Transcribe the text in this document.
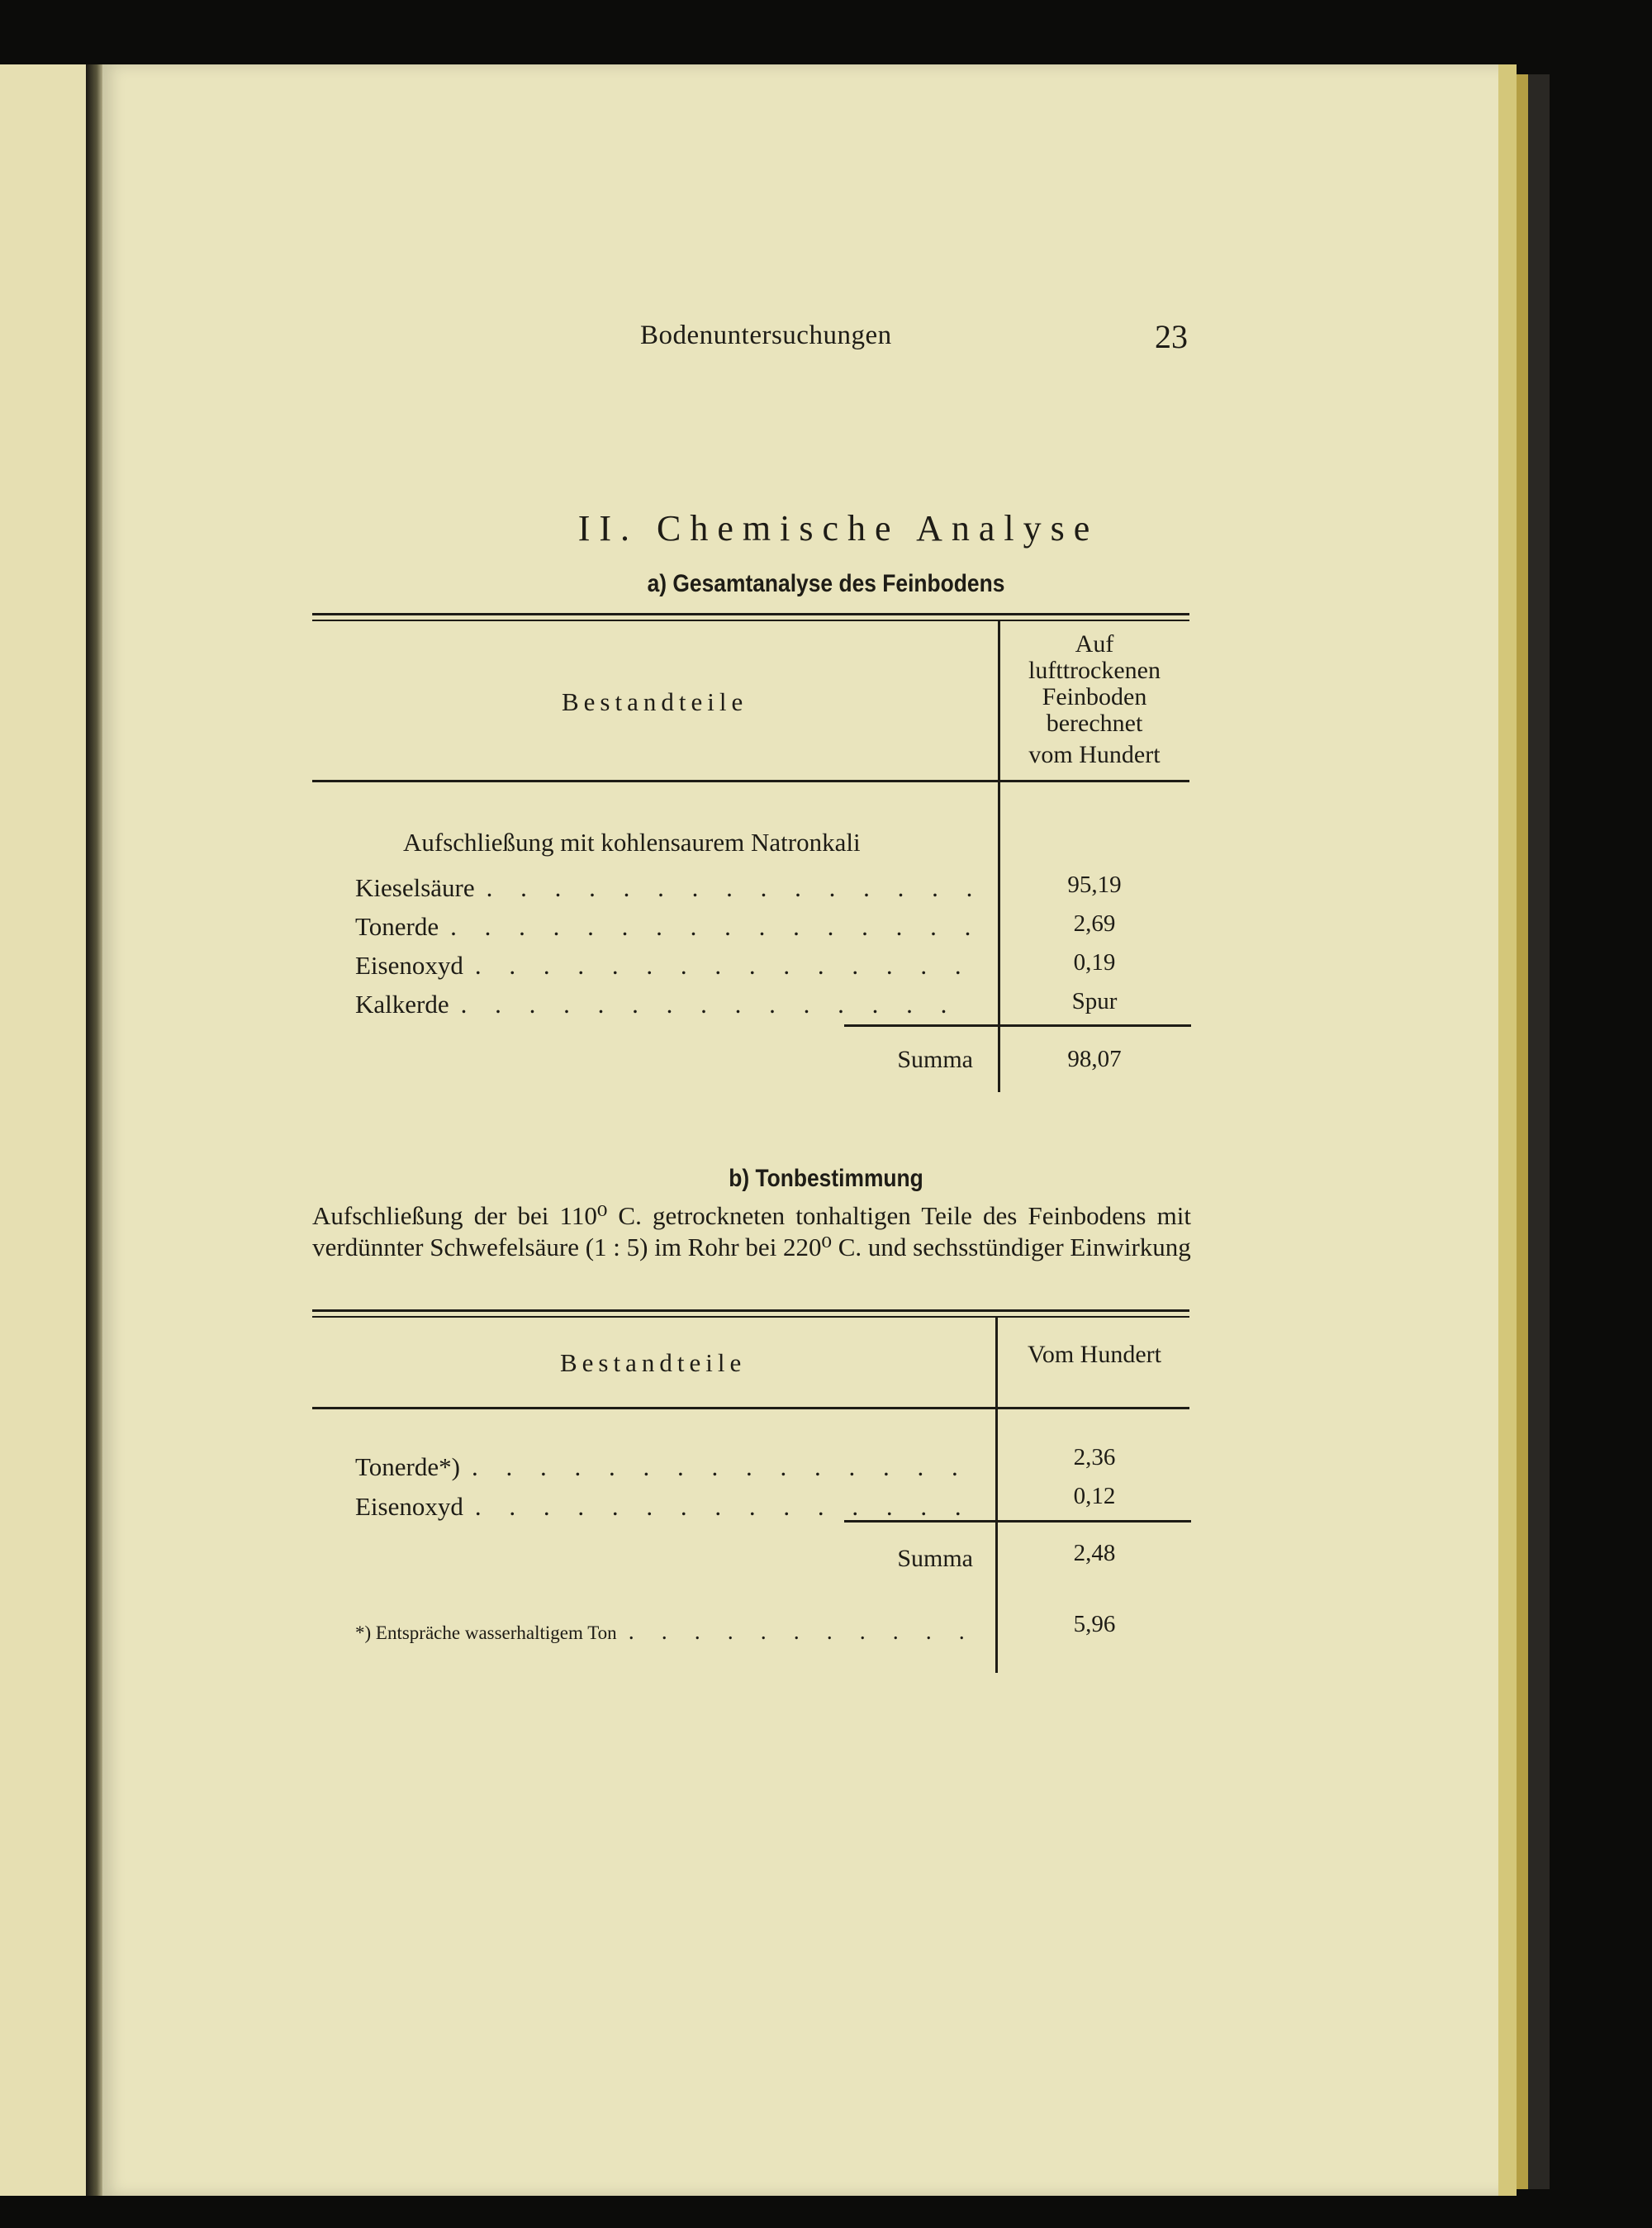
Bodenuntersuchungen	23
II. Chemische Analyse
a) Gesamtanalyse des Feinbodens
Bestandteile
Auf
lufttrockenen
Feinboden
berechnet
vom Hundert
Aufschließung mit kohlensaurem Natronkali
Kieselsäure . . .	95,19
Tonerde . . .	2,69
Eisenoxyd . . .	0,19
Kalkerde . . .	Spur
Summa	98,07
b) Tonbestimmung
Aufschließung der bei 110⁰ C. getrockneten tonhaltigen Teile des Feinbodens mit verdünnter Schwefelsäure (1 : 5) im Rohr bei 220⁰ C. und sechsstündiger Einwirkung
Bestandteile	Vom Hundert
Tonerde*) . . .	2,36
Eisenoxyd . . .	0,12
Summa	2,48
*) Entspräche wasserhaltigem Ton . . .	5,96
